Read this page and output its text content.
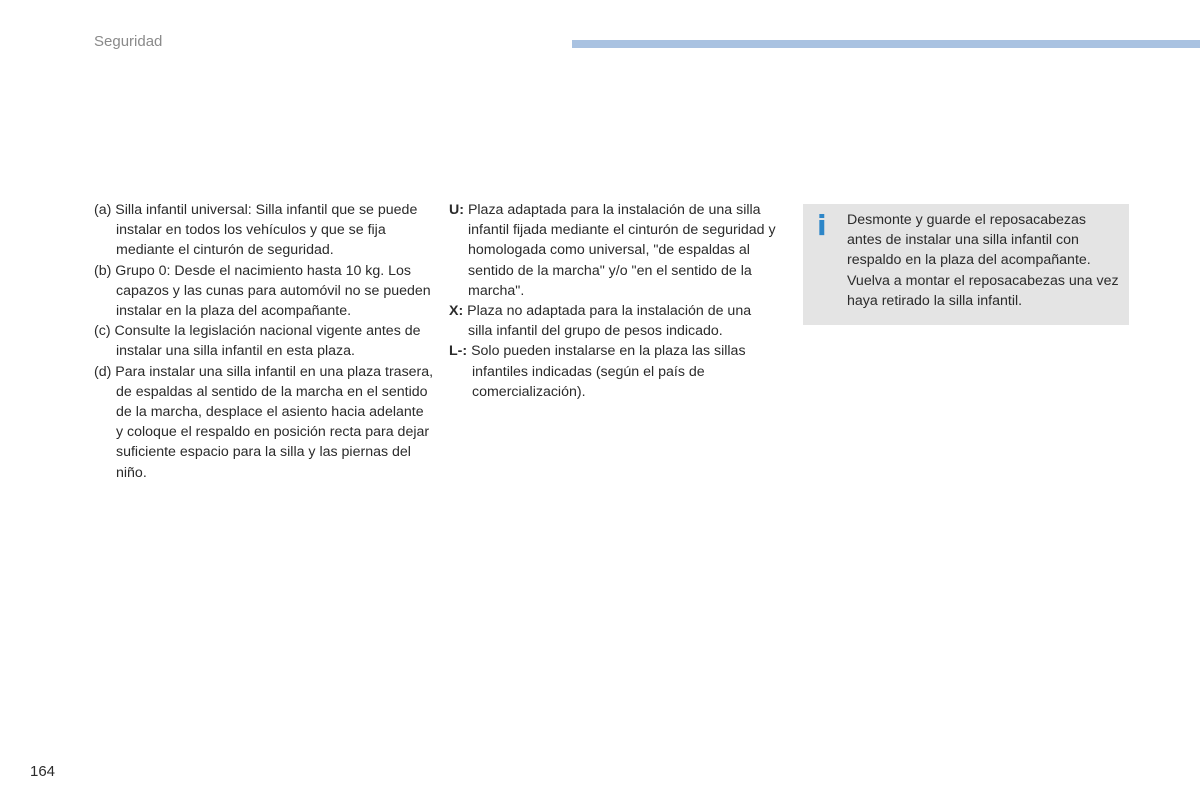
Seguridad
(a) Silla infantil universal: Silla infantil que se puede instalar en todos los vehículos y que se fija mediante el cinturón de seguridad.
(b) Grupo 0: Desde el nacimiento hasta 10 kg. Los capazos y las cunas para automóvil no se pueden instalar en la plaza del acompañante.
(c) Consulte la legislación nacional vigente antes de instalar una silla infantil en esta plaza.
(d) Para instalar una silla infantil en una plaza trasera, de espaldas al sentido de la marcha en el sentido de la marcha, desplace el asiento hacia adelante y coloque el respaldo en posición recta para dejar suficiente espacio para la silla y las piernas del niño.
U: Plaza adaptada para la instalación de una silla infantil fijada mediante el cinturón de seguridad y homologada como universal, "de espaldas al sentido de la marcha" y/o "en el sentido de la marcha".
X: Plaza no adaptada para la instalación de una silla infantil del grupo de pesos indicado.
L-: Solo pueden instalarse en la plaza las sillas infantiles indicadas (según el país de comercialización).
i Desmonte y guarde el reposacabezas antes de instalar una silla infantil con respaldo en la plaza del acompañante. Vuelva a montar el reposacabezas una vez haya retirado la silla infantil.
164
